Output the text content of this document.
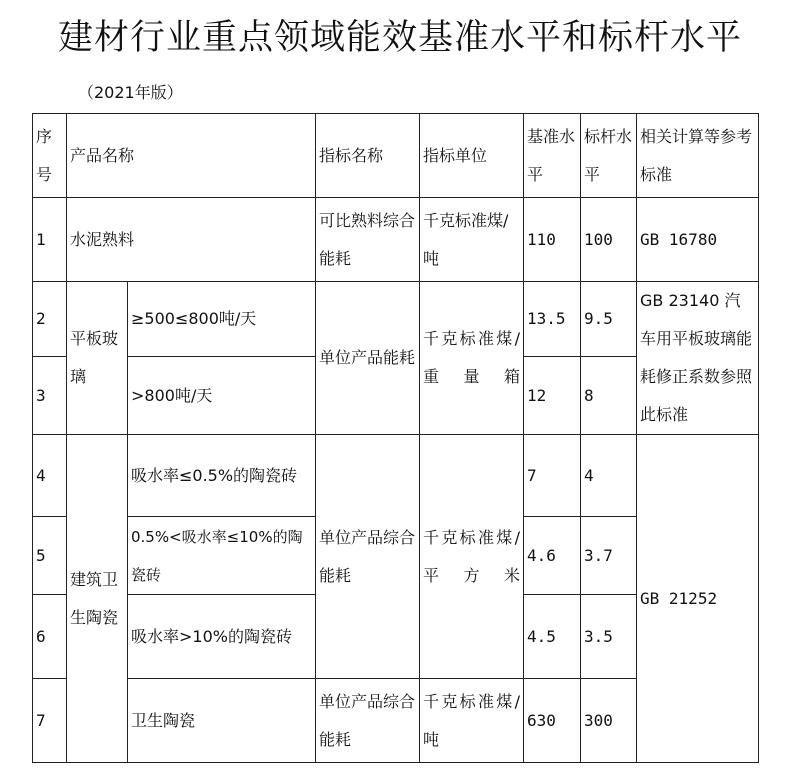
建材行业重点领域能效基准水平和标杆水平
（2021年版）
序号	产品名称		指标名称	指标单位	基准水平	标杆水平	相关计算等参考标准
1	水泥熟料		可比熟料综合能耗	千克标准煤/吨	110	100	GB 16780
2	平板玻璃	≥500≤800吨/天	单位产品能耗	千克标准煤/重量箱	13.5	9.5	GB 23140 汽车用平板玻璃能耗修正系数参照此标准
3		>800吨/天			12	8	
4	建筑卫生陶瓷	吸水率≤0.5%的陶瓷砖	单位产品综合能耗	千克标准煤/平方米	7	4	GB 21252
5		0.5%<吸水率≤10%的陶瓷砖			4.6	3.7	
6		吸水率>10%的陶瓷砖			4.5	3.5	
7		卫生陶瓷	单位产品综合能耗	千克标准煤/吨	630	300	
